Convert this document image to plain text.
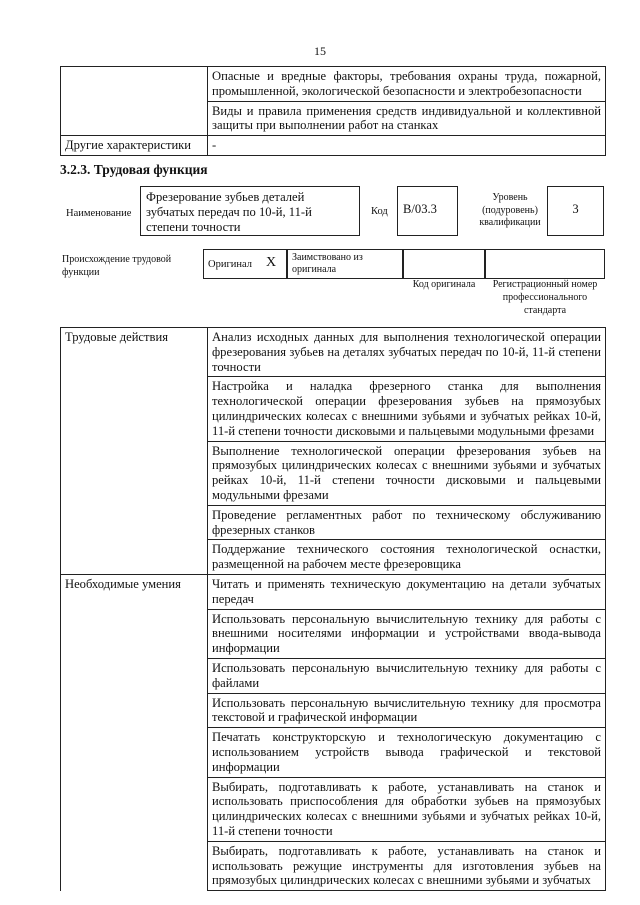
15
	Опасные и вредные факторы, требования охраны труда, пожарной, промышленной, экологической безопасности и электробезопасности
	Виды и правила применения средств индивидуальной и коллективной защиты при выполнении работ на станках
Другие характеристики	-
3.2.3. Трудовая функция
Наименование
Фрезерование зубьев деталей зубчатых передач по 10-й, 11-й степени точности
Код	B/03.3
Уровень (подуровень) квалификации
3
Происхождение трудовой функции
Оригинал X Заимствовано из оригинала
Код оригинала	Регистрационный номер профессионального стандарта
Трудовые действия	Анализ исходных данных для выполнения технологической операции фрезерования зубьев на деталях зубчатых передач по 10-й, 11-й степени точности
	Настройка и наладка фрезерного станка для выполнения технологической операции фрезерования зубьев на прямозубых цилиндрических колесах с внешними зубьями и зубчатых рейках 10-й, 11-й степени точности дисковыми и пальцевыми модульными фрезами
	Выполнение технологической операции фрезерования зубьев на прямозубых цилиндрических колесах с внешними зубьями и зубчатых рейках 10-й, 11-й степени точности дисковыми и пальцевыми модульными фрезами
	Проведение регламентных работ по техническому обслуживанию фрезерных станков
	Поддержание технического состояния технологической оснастки, размещенной на рабочем месте фрезеровщика
Необходимые умения	Читать и применять техническую документацию на детали зубчатых передач
	Использовать персональную вычислительную технику для работы с внешними носителями информации и устройствами ввода-вывода информации
	Использовать персональную вычислительную технику для работы с файлами
	Использовать персональную вычислительную технику для просмотра текстовой и графической информации
	Печатать конструкторскую и технологическую документацию с использованием устройств вывода графической и текстовой информации
	Выбирать, подготавливать к работе, устанавливать на станок и использовать приспособления для обработки зубьев на прямозубых цилиндрических колесах с внешними зубьями и зубчатых рейках 10-й, 11-й степени точности
	Выбирать, подготавливать к работе, устанавливать на станок и использовать режущие инструменты для изготовления зубьев на прямозубых цилиндрических колесах с внешними зубьями и зубчатых
